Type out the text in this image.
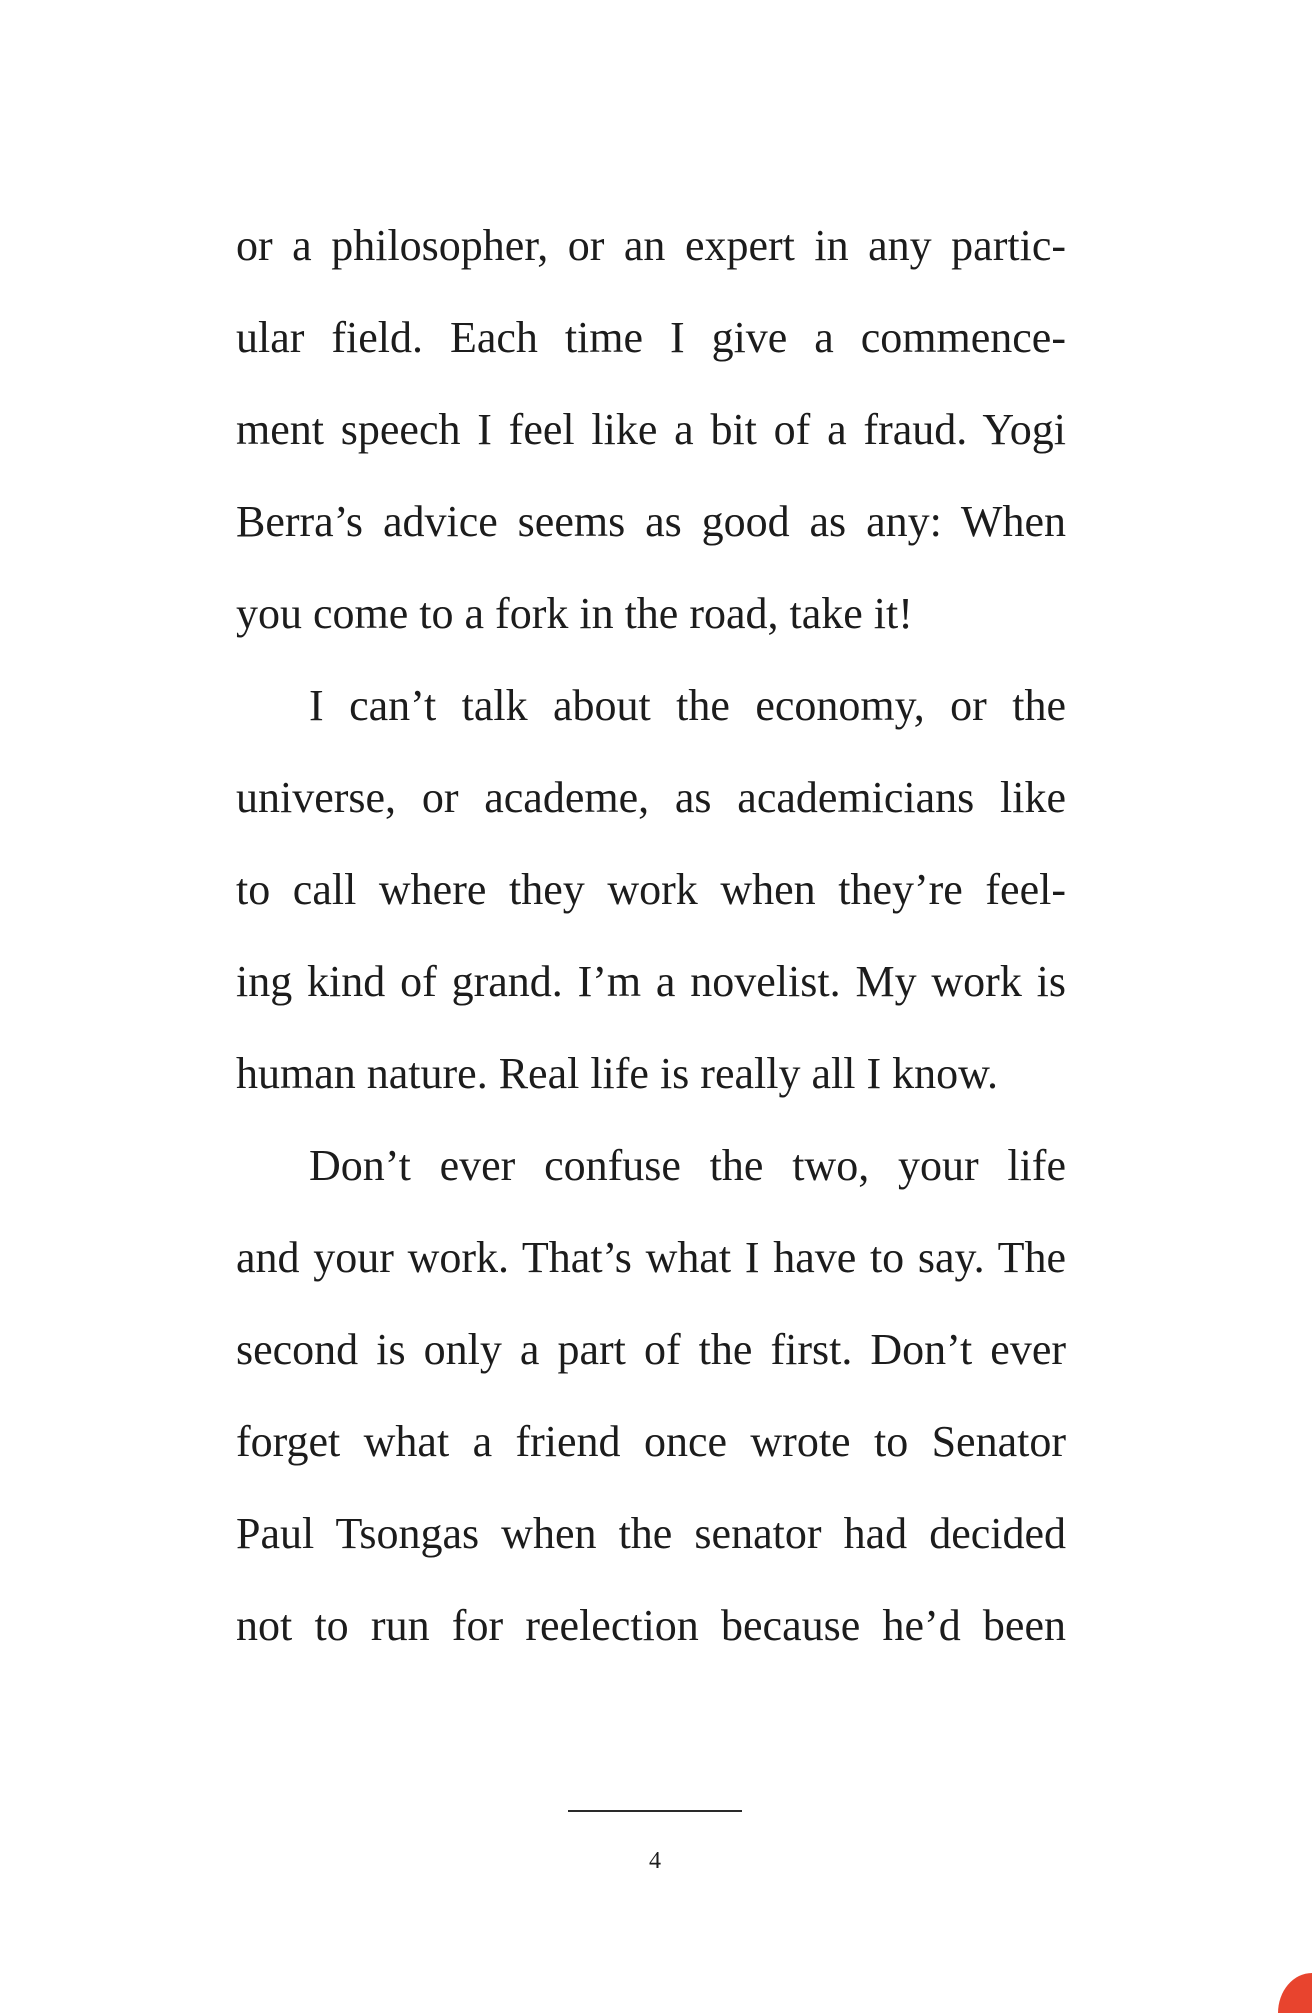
or a philosopher, or an expert in any partic-
ular field. Each time I give a commence-
ment speech I feel like a bit of a fraud. Yogi
Berra’s advice seems as good as any: When
you come to a fork in the road, take it!
I can’t talk about the economy, or the
universe, or academe, as academicians like
to call where they work when they’re feel-
ing kind of grand. I’m a novelist. My work is
human nature. Real life is really all I know.
Don’t ever confuse the two, your life
and your work. That’s what I have to say. The
second is only a part of the first. Don’t ever
forget what a friend once wrote to Senator
Paul Tsongas when the senator had decided
not to run for reelection because he’d been
4
